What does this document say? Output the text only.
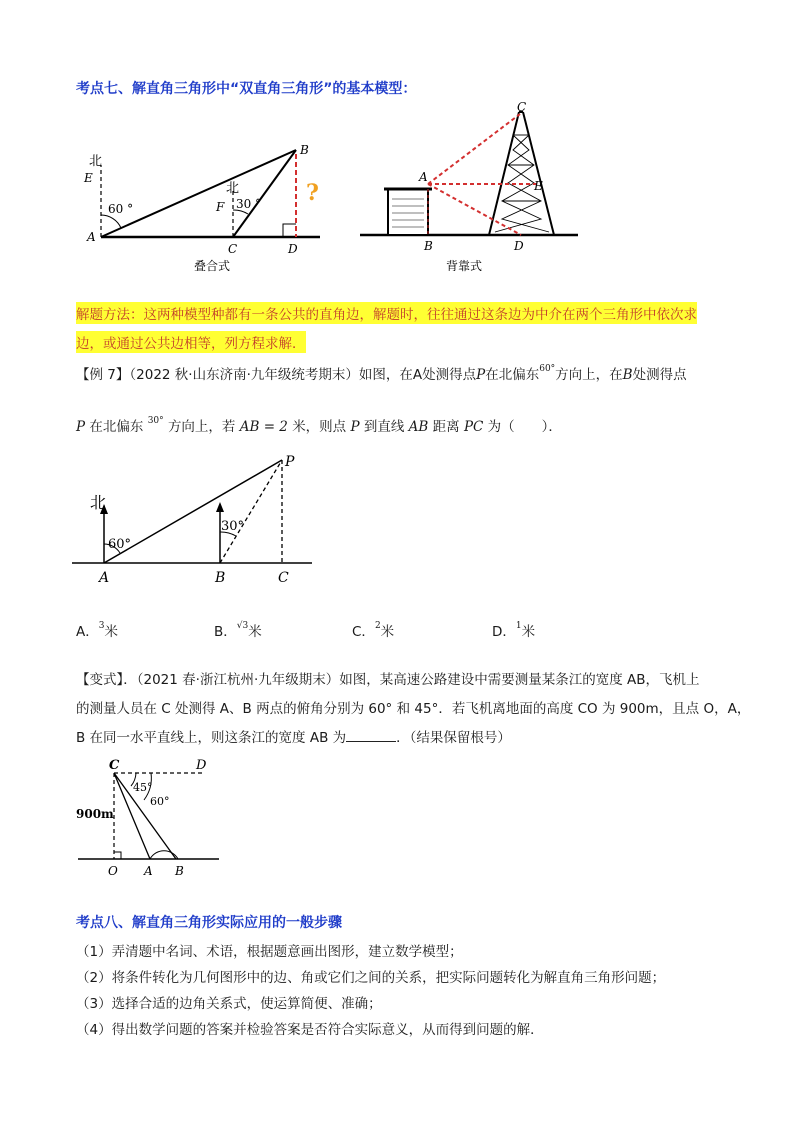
考点七、解直角三角形中“双直角三角形”的基本模型：
北
北
E
A
B
F
C	D
60 °	30 ° ?
叠合式
C
A
E
B	D
背靠式
解题方法：这两种模型种都有一条公共的直角边，解题时，往往通过这条边为中介在两个三角形中依次求
边，或通过公共边相等，列方程求解．
【例 7】（2022 秋·山东济南·九年级统考期末）如图，在A处测得点P在北偏东$^{60^\circ}$方向上，在B处测得点
P 在北偏东 $^{30^\circ}$ 方向上，若 AB = 2 米，则点 P 到直线 AB 距离 PC 为（　　）．
北
60°
30°
A	B	C
P
A．$^3$米	B．$^{√3}$米	C．$^2$米	D．$^1$米
【变式】．（2021 春·浙江杭州·九年级期末）如图，某高速公路建设中需要测量某条江的宽度 AB，飞机上
的测量人员在 C 处测得 A、B 两点的俯角分别为 60° 和 45°．若飞机离地面的高度 CO 为 900m，且点 O，A，
B 在同一水平直线上，则这条江的宽度 AB 为	．（结果保留根号）
C	D
900m
45°
60°
O A B
考点八、解直角三角形实际应用的一般步骤
（1）弄清题中名词、术语，根据题意画出图形，建立数学模型；
（2）将条件转化为几何图形中的边、角或它们之间的关系，把实际问题转化为解直角三角形问题；
（3）选择合适的边角关系式，使运算简便、准确；
（4）得出数学问题的答案并检验答案是否符合实际意义，从而得到问题的解．
